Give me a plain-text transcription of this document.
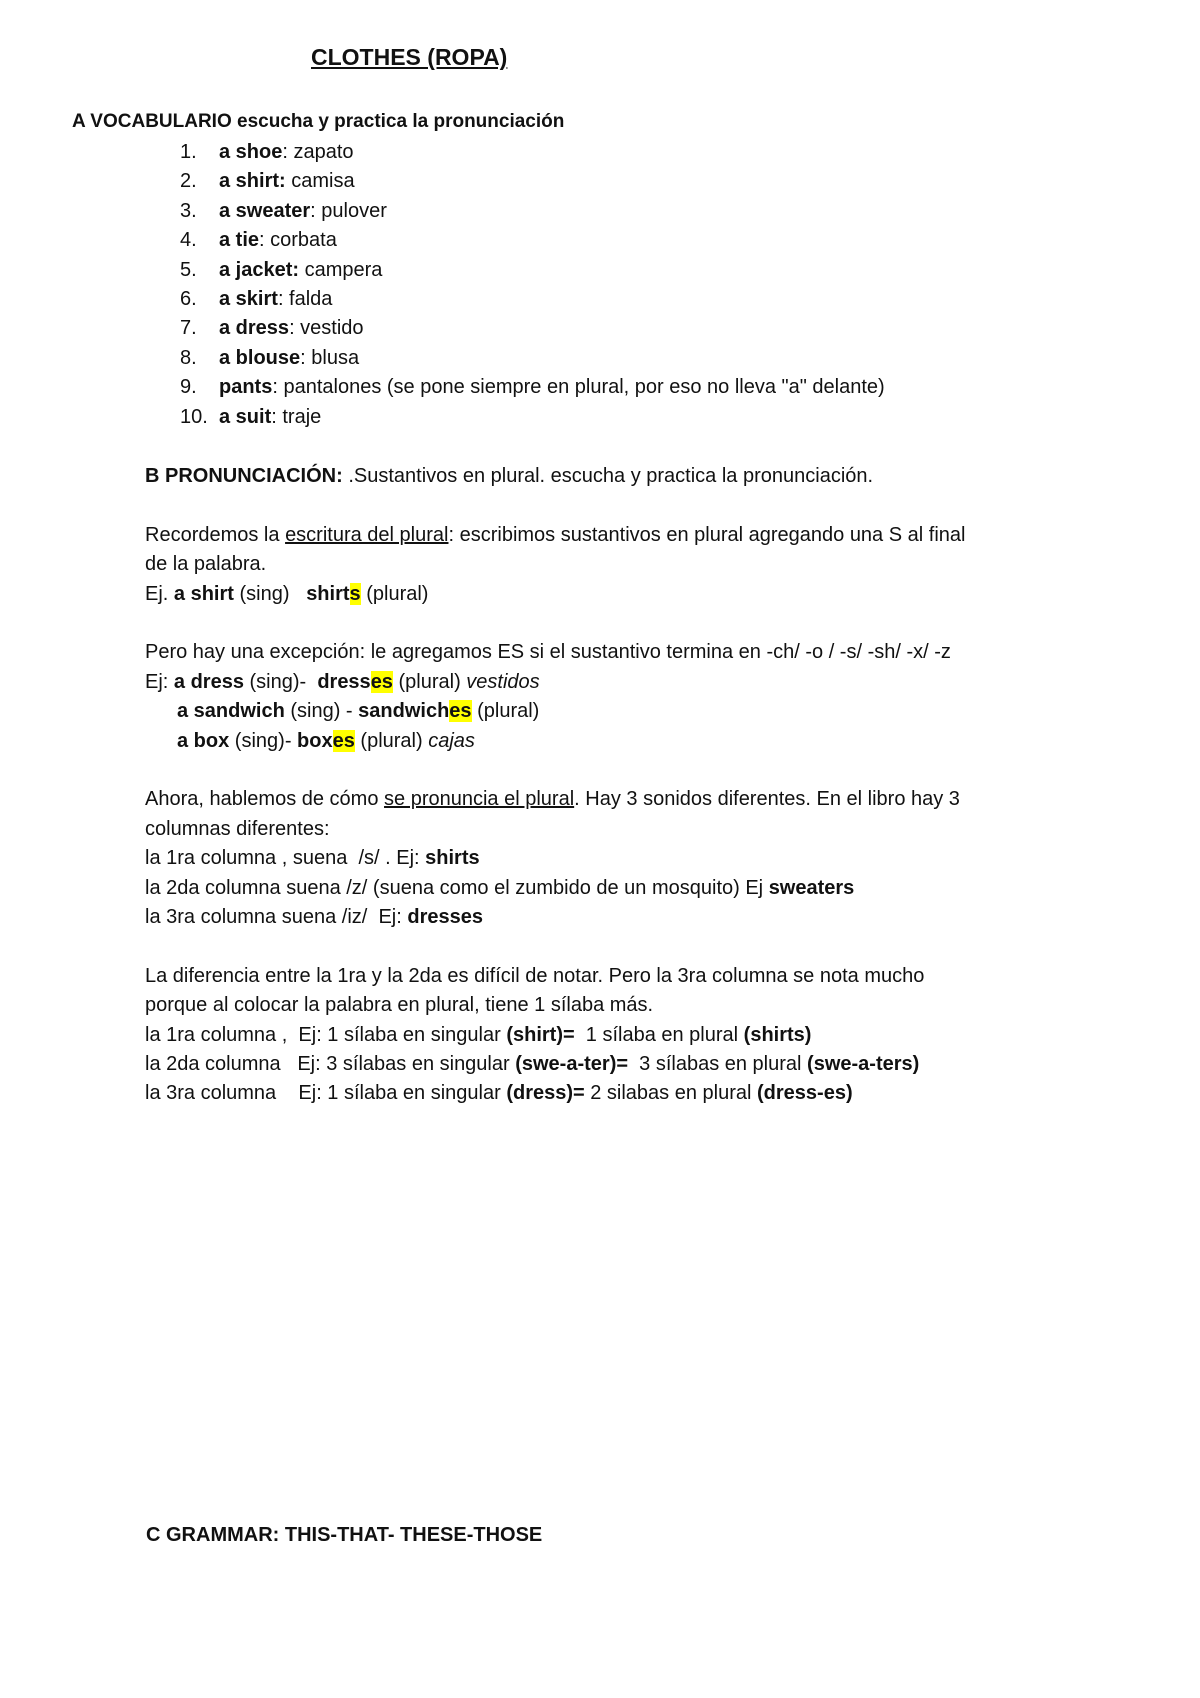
CLOTHES (ROPA)
A VOCABULARIO escucha y practica la pronunciación
1. a shoe: zapato
2. a shirt: camisa
3. a sweater: pulover
4. a tie: corbata
5. a jacket: campera
6. a skirt: falda
7. a dress: vestido
8. a blouse: blusa
9. pants: pantalones (se pone siempre en plural, por eso no lleva "a" delante)
10. a suit: traje

B PRONUNCIACIÓN: .Sustantivos en plural. escucha y practica la pronunciación.

Recordemos la escritura del plural: escribimos sustantivos en plural agregando una S al final

de la palabra.

Ej. a shirt (sing)   shirts (plural)

Pero hay una excepción: le agregamos ES si el sustantivo termina en -ch/ -o / -s/ -sh/ -x/ -z

Ej: a dress (sing)-  dresses (plural) vestidos

a sandwich (sing) - sandwiches (plural)

a box (sing)- boxes (plural) cajas

Ahora, hablemos de cómo se pronuncia el plural. Hay 3 sonidos diferentes. En el libro hay 3

columnas diferentes:

la 1ra columna , suena  /s/ . Ej: shirts

la 2da columna suena /z/ (suena como el zumbido de un mosquito) Ej sweaters

la 3ra columna suena /iz/  Ej: dresses

La diferencia entre la 1ra y la 2da es difícil de notar. Pero la 3ra columna se nota mucho

porque al colocar la palabra en plural, tiene 1 sílaba más.

la 1ra columna ,  Ej: 1 sílaba en singular (shirt)=  1 sílaba en plural (shirts)

la 2da columna   Ej: 3 sílabas en singular (swe-a-ter)=  3 sílabas en plural (swe-a-ters)

la 3ra columna    Ej: 1 sílaba en singular (dress)= 2 silabas en plural (dress-es)

C GRAMMAR: THIS-THAT- THESE-THOSE
